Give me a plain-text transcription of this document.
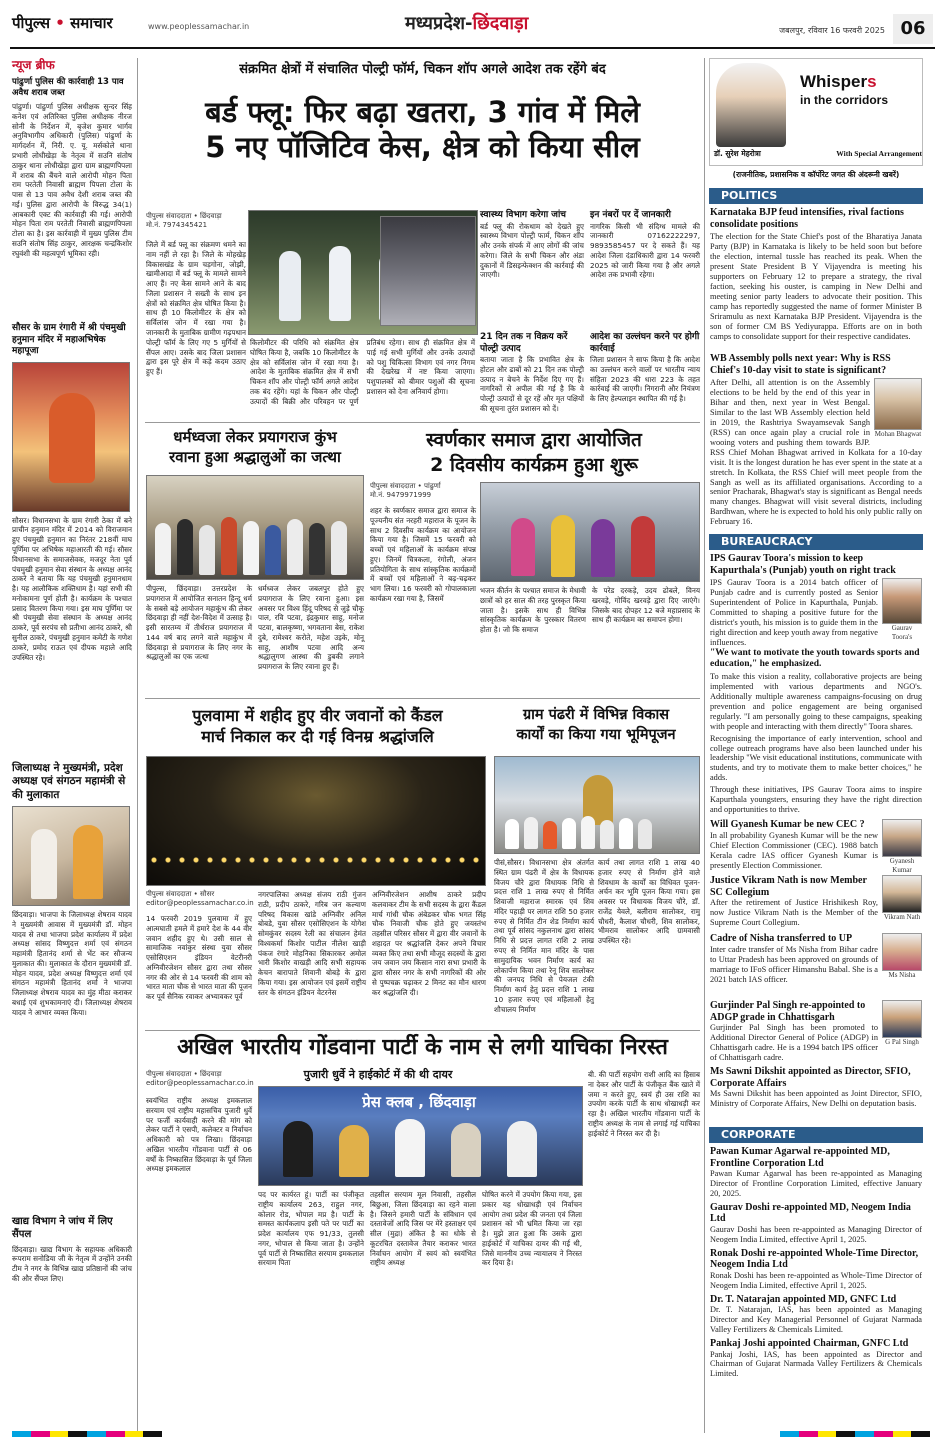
पीपुल्स • समाचार	www.peoplessamachar.in	मध्यप्रदेश-छिंदवाड़ा	जबलपुर, रविवार 16 फरवरी 2025 06
न्यूज ब्रीफ
पांढुर्णा पुलिस की कार्रवाही 13 पाव अवैध शराब जब्त
पांढुर्णा। पांढुर्णा पुलिस अधीक्षक सुन्दर सिंह कनेश एवं अतिरिक्त पुलिस अधीक्षक नीरज सोनी के निर्देशन में, बृजेश कुमार भार्गव अनुविभागीय अधिकारी (पुलिस) पांढुर्णा के मार्गदर्शन में, निरी. ए. यू. मर्सकोले थाना प्रभारी लोधीखेड़ा के नेतृत्व में सउनि संतोष ठाकुर थाना लोधीखेड़ा द्वारा ग्राम ब्राह्मणपिपला में शराब की बैंचने वाले आरोपी मोहन पिता राम परतेती निवासी ब्राह्मण पिपला टोला के पास से 13 पाव अवैध देशी शराब जब्त की गई। पुलिस द्वारा आरोपी के विरुद्ध 34(1) आबकारी एक्ट की कार्रवाही की गई। आरोपी मोहन पिता राम परतेती निवासी ब्राह्मणपिपला टोला का है। इस कार्रवाही में मुख्य पुलिस टीम सउनि संतोष सिंह ठाकुर, आरक्षक चन्द्रकिशोर रघुवंशी की महत्वपूर्ण भूमिका रही।
सौसर के ग्राम रंगारी में श्री पंचमुखी हनुमान मंदिर में महाअभिषेक महापूजा
सौसर। विधानसभा के ग्राम रंगारी ठेका में बने प्राचीन हनुमान मंदिर में 2014 को विराजमान हुए पंचमुखी हनुमान का निरंतर 218वीं माघ पूर्णिमा पर अभिषेक महाआरती की गई। सौसर विधानसभा के समाजसेवक, मजदूर नेता पूर्व पंचमुखी हनुमान सेवा संस्थान के अध्यक्ष आनंद ठाकरे ने बताया कि यह पंचमुखी हनुमानधाम है। यह आलौकिक शक्तिधाम है। यहां सभी की मनोकामना पूर्ण होती है। कार्यक्रम के पश्चात प्रसाद वितरण किया गया। इस माघ पूर्णिमा पर श्री पंचमुखी सेवा संस्थान के अध्यक्ष आनंद ठाकरे, पूर्व सरपंच सौ प्रतीभा आनंद ठाकरे, श्री सुनील ठाकरे, पंचमुखी हनुमान कमेटी के गणेश ठाकरे, प्रमोद राऊत एवं दीपक महाले आदि उपस्थित रहे।
जिलाध्यक्ष ने मुख्यमंत्री, प्रदेश अध्यक्ष एवं संगठन महामंत्री से की मुलाकात
छिंदवाड़ा। भाजपा के जिलाध्यक्ष शेषराव यादव ने मुख्यमंत्री आवास में मुख्यमंत्री डॉ. मोहन यादव से तथा भाजपा प्रदेश कार्यालय में प्रदेश अध्यक्ष सांसद विष्णुदत्त शर्मा एवं संगठन महामंत्री हितानंद शर्मा से भेंट कर सौजन्य मुलाकात की। मुलाकात के दौरान मुख्यमंत्री डॉ. मोहन यादव, प्रदेश अध्यक्ष विष्णुदत्त शर्मा एवं संगठन महामंत्री हितानंद शर्मा ने भाजपा जिलाध्यक्ष शेषराव यादव का मुंह मीठा कराकर बधाई एवं शुभकामनाएं दी। जिलाध्यक्ष शेषराव यादव ने आभार व्यक्त किया।
खाद्य विभाग ने जांच में लिए सैंपल
छिंदवाड़ा। खाद्य विभाग के सहायक अधिकारी रूपराम सनोडिया जी के नेतृत्व में उन्होंने उनकी टीम ने नगर के विभिन्न खाद्य प्रतिष्ठानों की जांच की और सैंपल लिए।
संक्रमित क्षेत्रों में संचालित पोल्ट्री फॉर्म, चिकन शॉप अगले आदेश तक रहेंगे बंद
बर्ड फ्लू: फिर बढ़ा खतरा, 3 गांव में मिले
5 नए पॉजिटिव केस, क्षेत्र को किया सील
पीपुल्स संवाददाता • छिंदवाड़ा
मो.नं. 7974345421
जिले में बर्ड फ्लू का संक्रमण थमने का नाम नहीं ले रहा है। जिले के मोहखेड़ विकासखंड के ग्राम चड़गोना, जोझी, खामीआदा में बर्ड फ्लू के मामले सामने आए हैं। नए केस सामने आने के बाद जिला प्रशासन ने सख्ती के साथ इन क्षेत्रों को संक्रमित क्षेत्र घोषित किया है। साथ ही 10 किलोमीटर के क्षेत्र को सर्विलांस जोन में रखा गया है। जानकारी के मुताबिक ग्रामीण गढ़पथान पोल्ट्री फॉर्म के लिए गए 5 मुर्गियों से सैंपल आए। उसके बाद जिला प्रशासन द्वारा इस पूरे क्षेत्र में कड़े कदम उठाए हुए हैं।
किलोमीटर की परिधि को संक्रमित क्षेत्र घोषित किया है, जबकि 10 किलोमीटर के क्षेत्र को सर्विलांस जोन में रखा गया है। आदेश के मुताबिक संक्रमित क्षेत्र में सभी चिकन शॉप और पोल्ट्री फॉर्म अगले आदेश तक बंद रहेंगे। यहां के चिकन और पोल्ट्री उत्पादों की बिक्री और परिवहन पर पूर्ण प्रतिबंध रहेगा। साथ ही संक्रमित क्षेत्र में पाई गई सभी मुर्गियों और उनके उत्पादों को पशु चिकित्सा विभाग एवं नगर निगम की देखरेख में नष्ट किया जाएगा। पशुपालकों को बीमार पशुओं की सूचना प्रशासन को देना अनिवार्य होगा।
स्वास्थ्य विभाग करेगा जांच
बर्ड फ्लू की रोकथाम को देखते हुए स्वास्थ्य विभाग पोल्ट्री फार्म, चिकन शॉप और उनके संपर्क में आए लोगों की जांच करेगा। जिले के सभी चिकन और अंडा दुकानों में डिसइन्फेक्शन की कार्रवाई की जाएगी।
इन नंबरों पर दें जानकारी
नागरिक किसी भी संदिग्ध मामले की जानकारी 07162222297, 9893585457 पर दे सकते हैं। यह आदेश जिला दंडाधिकारी द्वारा 14 फरवरी 2025 को जारी किया गया है और अगले आदेश तक प्रभावी रहेगा।
21 दिन तक न विक्रय करें पोल्ट्री उत्पाद
बताया जाता है कि प्रभावित क्षेत्र के होटल और ढाबों को 21 दिन तक पोल्ट्री उत्पाद न बेचने के निर्देश दिए गए हैं। नागरिकों से अपील की गई है कि वे पोल्ट्री उत्पादों से दूर रहें और मृत पक्षियों की सूचना तुरंत प्रशासन को दें।
आदेश का उल्लंघन करने पर होगी कार्रवाई
जिला प्रशासन ने साफ किया है कि आदेश का उल्लंघन करने वालों पर भारतीय न्याय संहिता 2023 की धारा 223 के तहत कार्रवाई की जाएगी। निगरानी और नियंत्रण के लिए हेल्पलाइन स्थापित की गई है।
धर्मध्वजा लेकर प्रयागराज कुंभ
रवाना हुआ श्रद्धालुओं का जत्था
पीपुल्स, छिंदवाड़ा। उत्तरप्रदेश के प्रयागराज में आयोजित सनातन हिन्दू धर्म के सबसे बड़े आयोजन महाकुंभ की लेकर छिंदवाड़ा ही नहीं देश-विदेश में उत्साह है। इसी सारतम्य में तीर्थराज प्रयागराज में 144 वर्ष बाद लगने वाले महाकुंभ में छिंदवाड़ा से प्रयागराज के लिए नगर के श्रद्धालुओं का एक जत्था
धर्मध्वज लेकर जबलपुर होते हुए प्रयागराज के लिए रवाना हुआ। इस अवसर पर विश्व हिंदू परिषद से जुड़े चौकू पाल, रवि पटवा, इंद्रकुमार साहू, मनोज पटवा, बालकृष्णा, भगवताना बेस, राकेश दुबे, रामेश्वर करोते, महेश उइके, मोनू साहू, आशीष पटवा आदि अन्य श्रद्धालुगण आस्था की डुबकी लगाने प्रयागराज के लिए रवाना हुए हैं।
स्वर्णकार समाज द्वारा आयोजित
2 दिवसीय कार्यक्रम हुआ शुरू
पीपुल्स संवाददाता • पांढुर्णा
मो.नं. 9479971999
शहर के स्वर्णकार समाज द्वारा समाज के पूज्यनीय संत नरहरी महाराज के पूजन के साथ 2 दिवसीय कार्यक्रम का आयोजन किया गया है। जिसमें 15 फरवरी को बच्चों एवं महिलाओं के कार्यक्रम संपन्न हुए। जिनमें चित्रकला, रंगोली, अंजन प्रतियोगिता के साथ सांस्कृतिक कार्यक्रमों में बच्चों एवं महिलाओं ने बढ़-चढ़कर भाग लिया। 16 फरवरी को गोपालकाला कार्यक्रम रखा गया है, जिसमें
भजन कीर्तन के पश्चात समाज के मेधावी छात्रों को हर साल की तरह पुरस्कृत किया जाता है। इसके साथ ही विभिन्न सांस्कृतिक कार्यक्रम के पुरस्कार वितरण होता है। जो कि समाज
के परेड दरकड़े, उदय ढोबले, विनय खरवड़े, गोविंद खरवड़े द्वारा दिए जाएंगे। जिसके बाद दोपहर 12 बजे महाप्रसाद के साथ ही कार्यक्रम का समापन होगा।
पुलवामा में शहीद हुए वीर जवानों को कैंडल
मार्च निकाल कर दी गई विनम्र श्रद्धांजलि
पीपुल्स संवाददाता • सौसर
editor@peoplessamachar.co.in
14 फरवरी 2019 पुलवामा में हुए आत्मघाती हमले में हमारे देश के 44 वीर जवान शहीद हुए थे। उसी साल से सामाजिक नवांकुर संस्था युवा सौसर एसोसिएशन इंडियन वेटरीनरी अग्निवीरजेशन सौसर द्वारा तथा सौसर नगर की ओर से 14 फरवरी की शाम को भारत माता चौक से भारत माता की पूजन कर पूर्व सैनिक रवाकर अभ्यावकर पूर्व
नगरपालिका अध्यक्ष संजय राठी गुंजन राठी, प्रदीप ठाकरे, गरिब जन कल्याण परिषद विकास खांडे अग्निवीर अनिल बोबडे, युवा सौसर एसोसिएशन के योगेश सोमकुंवर सदस्य रेली का संचालन हेमंत विश्वकर्मा किशोर पाटील नीलेश खाड़ी पंकज रंगारे मोहनिका सिकारकर अमोल भारी किशोर वाखड़ी आदि सभी सहायक केचन बारापाते शिवानी बोबड़े के द्वारा किया गया। इस आयोजन एवं इसमें राष्ट्रीय स्तर के संगठन इंडियन वेटरनेस
अग्निवीरजेशन आशीष ठाकरे प्रदीप कलवाकर टीम के सभी सदस्य के द्वारा कैंडल मार्च गांधी चौक अंबेडकर चौक भगत सिंह चौक निवाजी चौक होते हुए जयस्तंभ तहसील परिसर सौसर में द्वारा वीर जवानों के शहादत पर श्रद्धांजलि देकर अपने विचार व्यक्त किए तथा सभी मौजूद सदस्यों के द्वारा जय जवान जय किसान नारा सभा प्रभारी के द्वारा सौसर नगर के सभी नागरिकों की ओर से पुष्पचक्र चढ़ाकर 2 मिनट का मौन धारण कर श्रद्धांजलि दी।
ग्राम पंढरी में विभिन्न विकास
कार्यों का किया गया भूमिपूजन
पीसं,सौसर। विधानसभा क्षेत्र अंतर्गत स्थित ग्राम पंढरी में क्षेत्र के विधायक विजय चौरे द्वारा विधायक निधि से प्रदत्त राशि 1 लाख रुपए से निर्मित शिवाजी महाराज स्मारक एवं शिव मंदिर पहाड़ी पर लागत राशि 50 हजार रुपए से निर्मित टीन शेड निर्माण कार्य तथा पूर्व सांसद नकुलनाथ द्वारा सांसद निधि से प्रदत्त लागत राशि 2 लाख रुपए से निर्मित मान मंदिर के पास सामुदायिक भवन निर्माण कार्य का लोकार्पण किया तथा रेनू शिव सालोकर की जनपद निधि से पेयजल टंकी निर्माण कार्य हेतु प्रदत्त राशि 1 लाख 10 हजार रुपए एवं महिलाओं हेतु शौचालय निर्माण
कार्य तथा लागत राशि 1 लाख 40 हजार रुपए से निर्माण होने वाले शिवधाम के कार्यों का विधिवत पूजन-अर्चन कर भूमि पूजन किया गया। इस अवसर पर विधायक विजय चौरे, डॉ. राजेंद्र येवले, बलीराम सालोकर, रामु चौधरी, कैलाश चौधरी, शिव सालोकर, भीमराव सालोकर आदि ग्रामवासी उपस्थित रहे।
अखिल भारतीय गोंडवाना पार्टी के नाम से लगी याचिका निरस्त
पीपुल्स संवाददाता • छिंदवाड़ा
editor@peoplessamachar.co.in
पुजारी धुर्वे ने हाईकोर्ट में की थी दायर
प्रेस क्लब , छिंदवाड़ा
स्वयंभित राष्ट्रीय अध्यक्ष इमकलाल सरयाम एवं राष्ट्रीय महासचिव पुजारी धुर्वे पर फर्जी कार्यवाही करने की मांग को लेकर पार्टी ने एसपी, कलेक्टर व निर्वाचन अधिकारी को पत्र लिखा। छिंदवाड़ा अखिल भारतीय गोंडवाना पार्टी से 06 वर्षों के निष्कासित छिंदवाड़ा के पूर्व जिला अध्यक्ष इमकलाल
पद पर कार्यरत हूं। पार्टी का पंजीकृत राष्ट्रीय कार्यालय 263, राहुल नगर, कोलार रोड, भोपाल मप्र है। पार्टी के समस्त कार्यकलाप इसी पते पर पार्टी का प्रदेश कार्यालय एफ 91/33, तुलसी नगर, भोपाल से किया जाता है। उन्होंने पूर्व पार्टी से निष्कासित सरयाम इमकलाल सरयाम पिता
तहसील सरयाम मूल निवासी, तहसील बिछुआ, जिला छिंदवाड़ा का रहने वाला है। जिसने हमारी पार्टी के संविधान एवं दस्तावेजों आदि जिस पर मेरे हस्ताक्षर एवं सील (मुद्रा) अंकित है का धोके से कूटरचित दस्तावेज तैयार कराकर भारत निर्वाचन आयोग में स्वयं को स्वयंभित राष्ट्रीय अध्यक्ष
घोषित करने में उपयोग किया गया, इस प्रकार यह धोखाधड़ी एवं निर्वाचन आयोग तथा प्रदेश की जनता एवं जिला प्रशासन को भी भ्रमित किया जा रहा है। मुझे ज्ञात हुआ कि उसके द्वारा हाईकोर्ट में याचिका दायर की गई थी, जिसे माननीय उच्च न्यायालय ने निरस्त कर दिया है।
बी. की पार्टी सहयोग राशी आदि का हिसाब ना देकर और पार्टी के पंजीकृत बैंक खाते में जमा न करते हुए, स्वयं ही उस राशि का उपयोग करके पार्टी के साथ धोखाधड़ी कर रहा है। अखिल भारतीय गोंडवाना पार्टी के राष्ट्रीय अध्यक्ष के नाम से लगाई गई याचिका हाईकोर्ट ने निरस्त कर दी है।
Whispers
in the corridors
डॉ. सुरेश मेहरोत्रा	With Special Arrangement
(राजनीतिक, प्रशासनिक व कॉर्पोरेट जगत की अंदरूनी खबरें)
POLITICS
Karnataka BJP feud intensifies, rival factions consolidate positions
The election for the State Chief's post of the Bharatiya Janata Party (BJP) in Karnataka is likely to be held soon but before the election, internal tussle has reached its peak. When the present State President B Y Vijayendra is meeting his supporters on February 12 to prepare a strategy, the rival faction, seeking his ouster, is camping in New Delhi and meeting senior party leaders to advocate their position. This camp has reportedly suggested the name of former Minister B Sriramulu as next Karnataka BJP President. Vijayendra is the son of former CM BS Yediyurappa. Efforts are on in both camps to consolidate support for their respective candidates.
WB Assembly polls next year: Why is RSS Chief's 10-day visit to state is significant?
Mohan Bhagwat
After Delhi, all attention is on the Assembly elections to be held by the end of this year in Bihar and then, next year in West Bengal. Similar to the last WB Assembly election held in 2019, the Rashtriya Swayamsevak Sangh (RSS) can once again play a crucial role in wooing voters and pushing them towards BJP. RSS Chief Mohan Bhagwat arrived in Kolkata for a 10-day visit. It is the longest duration he has ever spent in the state at a stretch. In Kolkata, the RSS Chief will meet people from the Sangh as well as its affiliated organisations. According to a senior Pracharak, Bhagwat's stay is significant as Bengal needs many changes. Bhagwat will visit several districts, including Bardhwan, where he is expected to hold his only public rally on February 16.
BUREAUCRACY
IPS Gaurav Toora's mission to keep Kapurthala's (Punjab) youth on right track
Gaurav Toora's
IPS Gaurav Toora is a 2014 batch officer of Punjab cadre and is currently posted as Senior Superintendent of Police in Kapurthala, Punjab. Committed to shaping a positive future for the district's youth, his mission is to guide them in the right direction and keep youth away from negative influences.
"We want to motivate the youth towards sports and education," he emphasized.
To make this vision a reality, collaborative projects are being implemented with various departments and NGO's. Additionally multiple awareness campaigns-focusing on drug prevention and police engagement are being organised regularly. "I am personally going to these campaigns, speaking with people and interacting with them directly" Toora shares.
Recognising the importance of early intervention, school and college outreach programs have also been launched under his leadership "We visit educational institutions, communicate with students, and try to motivate them to make better choices," he adds.
Through these initiatives, IPS Gaurav Toora aims to inspire Kapurthala youngsters, ensuring they have the right direction and opportunities to thrive.
Gyanesh Kumar
Will Gyanesh Kumar be new CEC ?
In all probability Gyanesh Kumar will be the new Chief Election Commissioner (CEC). 1988 batch Kerala cadre IAS officer Gyanesh Kumar is presently Election Commissioner.
Vikram Nath
Justice Vikram Nath is now Member SC Collegium
After the retirement of Justice Hrishikesh Roy, now Justice Vikram Nath is the Member of the Supreme Court Collegium.
Ms Nisha
Cadre of Nisha transferred to UP
Inter cadre transfer of Ms Nisha from Bihar cadre to Uttar Pradesh has been approved on grounds of marriage to IFoS officer Himanshu Babal. She is a 2021 batch IAS officer.
G Pal Singh
Gurjinder Pal Singh re-appointed to ADGP grade in Chhattisgarh
Gurjinder Pal Singh has been promoted to Additional Director General of Police (ADGP) in Chhattisgarh cadre. He is a 1994 batch IPS officer of Chhattisgarh cadre.
Ms Sawni Dikshit appointed as Director, SFIO, Corporate Affairs
Ms Sawni Dikshit has been appointed as Joint Director, SFIO, Ministry of Corporate Affairs, New Delhi on deputation basis.
CORPORATE
Pawan Kumar Agarwal re-appointed MD, Frontline Corporation Ltd
Pawan Kumar Agarwal has been re-appointed as Managing Director of Frontline Corporation Limited, effective January 20, 2025.
Gaurav Doshi re-appointed MD, Neogem India Ltd
Gaurav Doshi has been re-appointed as Managing Director of Neogem India Limited, effective April 1, 2025.
Ronak Doshi re-appointed Whole-Time Director, Neogem India Ltd
Ronak Doshi has been re-appointed as Whole-Time Director of Neogem India Limited, effective April 1, 2025.
Dr. T. Natarajan appointed MD, GNFC Ltd
Dr. T. Natarajan, IAS, has been appointed as Managing Director and Key Managerial Personnel of Gujarat Narmada Valley Fertilizers & Chemicals Limited.
Pankaj Joshi appointed Chairman, GNFC Ltd
Pankaj Joshi, IAS, has been appointed as Director and Chairman of Gujarat Narmada Valley Fertilizers & Chemicals Limited.
